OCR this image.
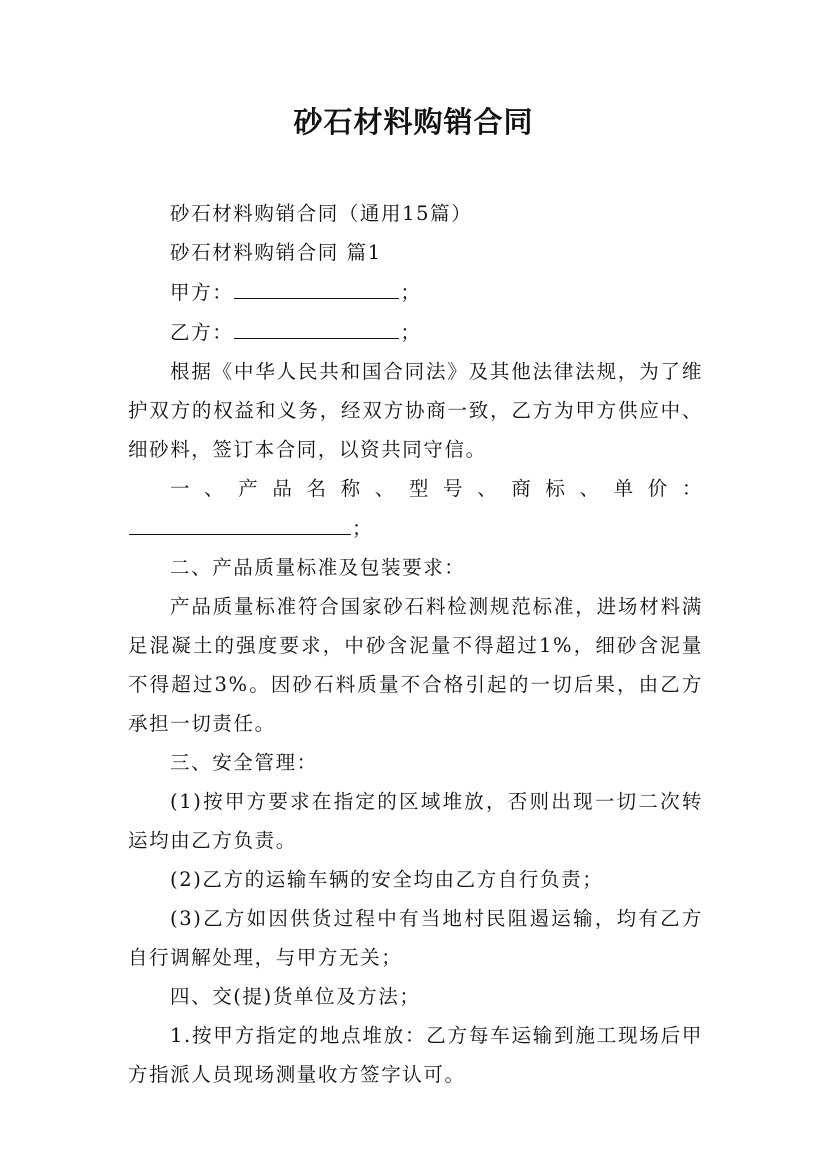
砂石材料购销合同

砂石材料购销合同（通用15篇）

砂石材料购销合同 篇1

甲方：	；

乙方：	；

根据《中华人民共和国合同法》及其他法律法规，为了维护双方的权益和义务，经双方协商一致，乙方为甲方供应中、细砂料，签订本合同，以资共同守信。

一、产品名称、型号、商标、单价：；

二、产品质量标准及包装要求：

产品质量标准符合国家砂石料检测规范标准，进场材料满足混凝土的强度要求，中砂含泥量不得超过1%，细砂含泥量不得超过3%。因砂石料质量不合格引起的一切后果，由乙方承担一切责任。

三、安全管理：

(1)按甲方要求在指定的区域堆放，否则出现一切二次转运均由乙方负责。

(2)乙方的运输车辆的安全均由乙方自行负责；

(3)乙方如因供货过程中有当地村民阻遏运输，均有乙方自行调解处理，与甲方无关；

四、交(提)货单位及方法；

1.按甲方指定的地点堆放：乙方每车运输到施工现场后甲方指派人员现场测量收方签字认可。
